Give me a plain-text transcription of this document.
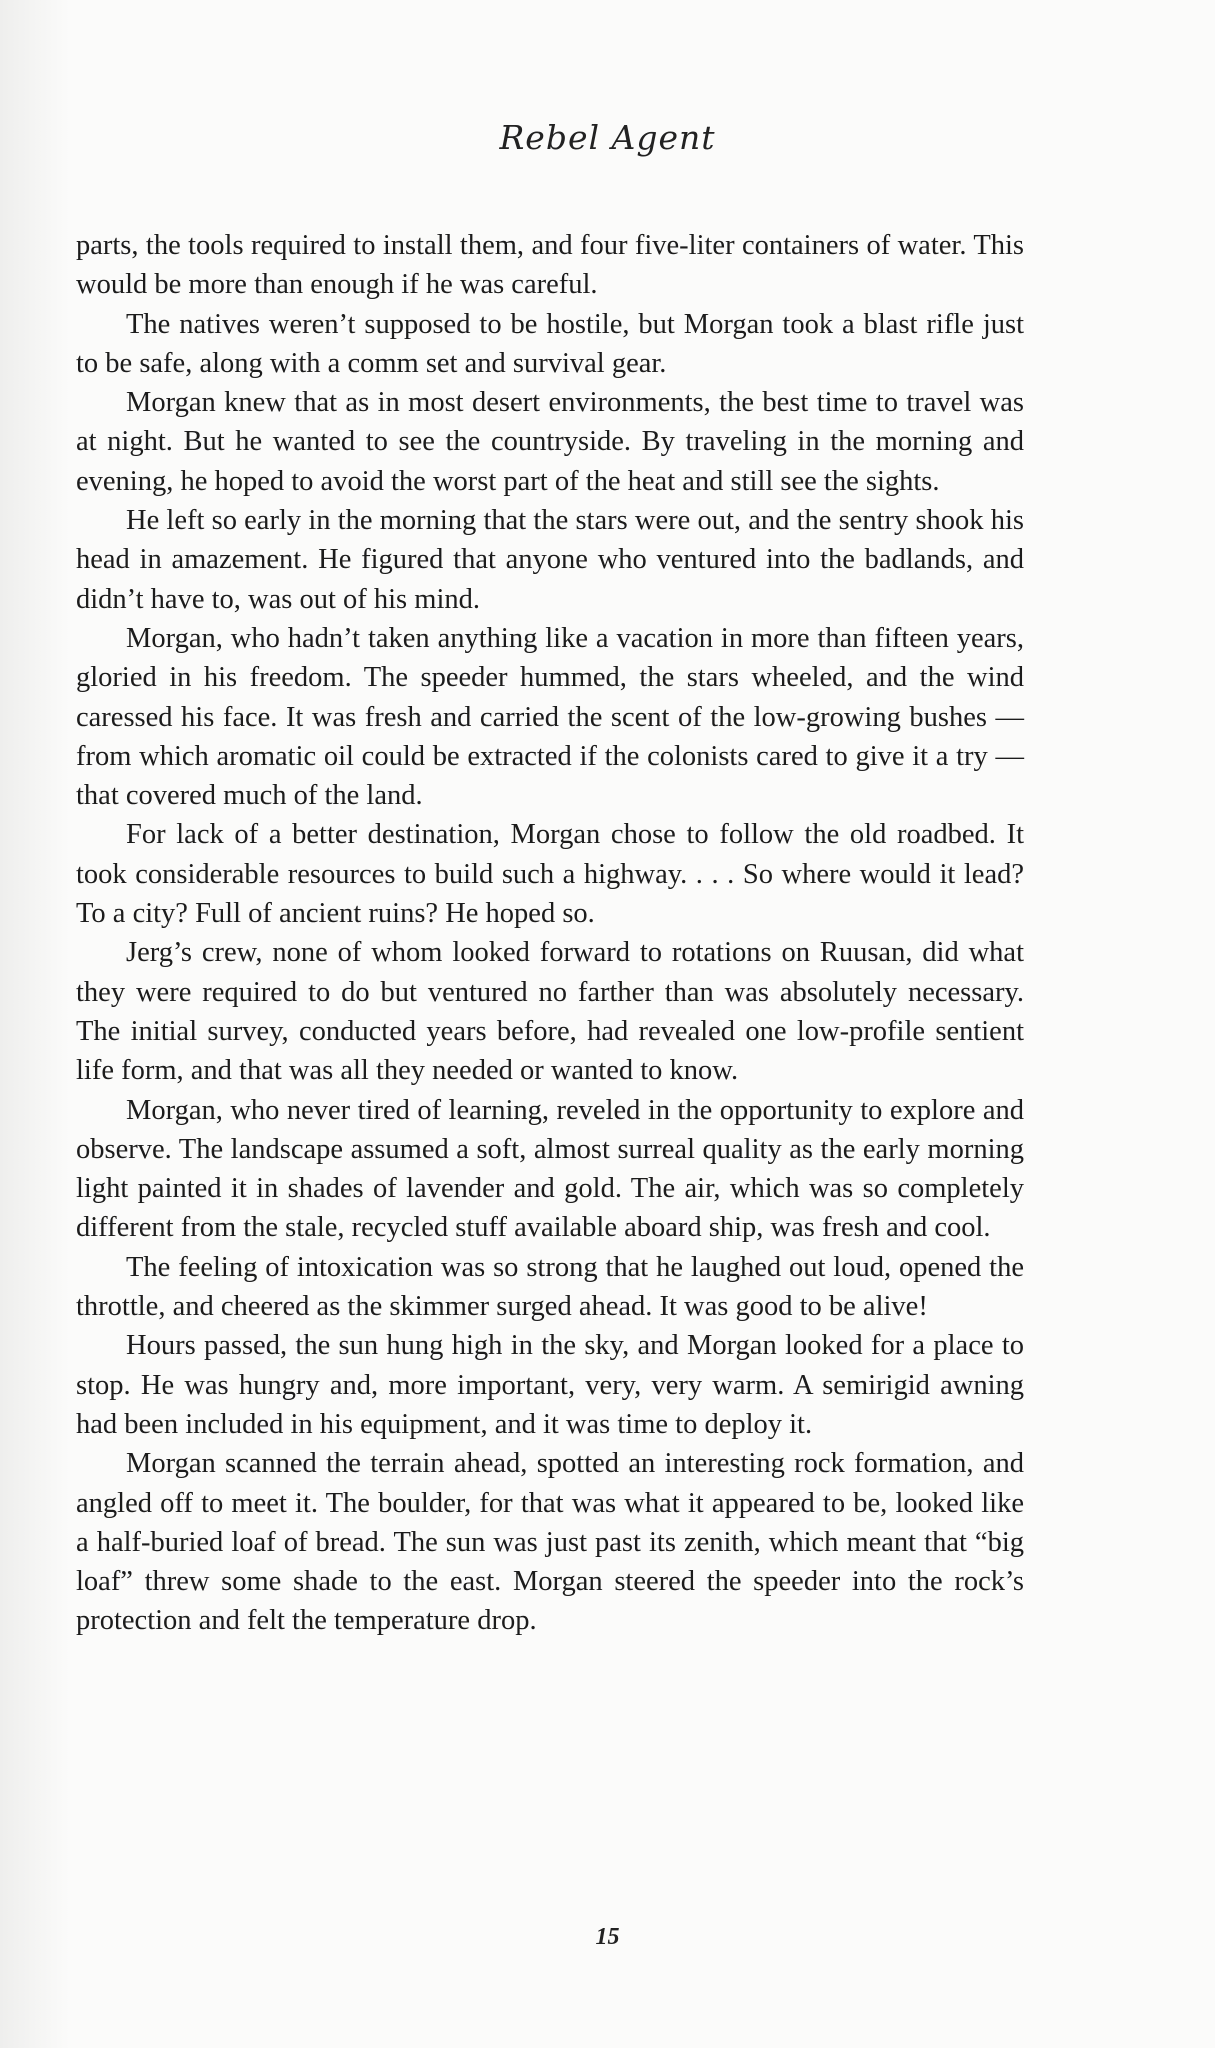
Rebel Agent

parts, the tools required to install them, and four five-liter containers of water. This would be more than enough if he was careful.

The natives weren’t supposed to be hostile, but Morgan took a blast rifle just to be safe, along with a comm set and survival gear.

Morgan knew that as in most desert environments, the best time to travel was at night. But he wanted to see the countryside. By traveling in the morning and evening, he hoped to avoid the worst part of the heat and still see the sights.

He left so early in the morning that the stars were out, and the sentry shook his head in amazement. He figured that anyone who ventured into the badlands, and didn’t have to, was out of his mind.

Morgan, who hadn’t taken anything like a vacation in more than fifteen years, gloried in his freedom. The speeder hummed, the stars wheeled, and the wind caressed his face. It was fresh and carried the scent of the low-growing bushes — from which aromatic oil could be extracted if the colonists cared to give it a try — that covered much of the land.

For lack of a better destination, Morgan chose to follow the old roadbed. It took considerable resources to build such a highway. . . . So where would it lead? To a city? Full of ancient ruins? He hoped so.

Jerg’s crew, none of whom looked forward to rotations on Ruusan, did what they were required to do but ventured no farther than was absolutely necessary. The initial survey, conducted years before, had revealed one low-profile sentient life form, and that was all they needed or wanted to know.

Morgan, who never tired of learning, reveled in the opportunity to explore and observe. The landscape assumed a soft, almost surreal quality as the early morning light painted it in shades of lavender and gold. The air, which was so completely different from the stale, recycled stuff available aboard ship, was fresh and cool.

The feeling of intoxication was so strong that he laughed out loud, opened the throttle, and cheered as the skimmer surged ahead. It was good to be alive!

Hours passed, the sun hung high in the sky, and Morgan looked for a place to stop. He was hungry and, more important, very, very warm. A semirigid awning had been included in his equipment, and it was time to deploy it.

Morgan scanned the terrain ahead, spotted an interesting rock formation, and angled off to meet it. The boulder, for that was what it appeared to be, looked like a half-buried loaf of bread. The sun was just past its zenith, which meant that “big loaf” threw some shade to the east. Morgan steered the speeder into the rock’s protection and felt the temperature drop.

15
